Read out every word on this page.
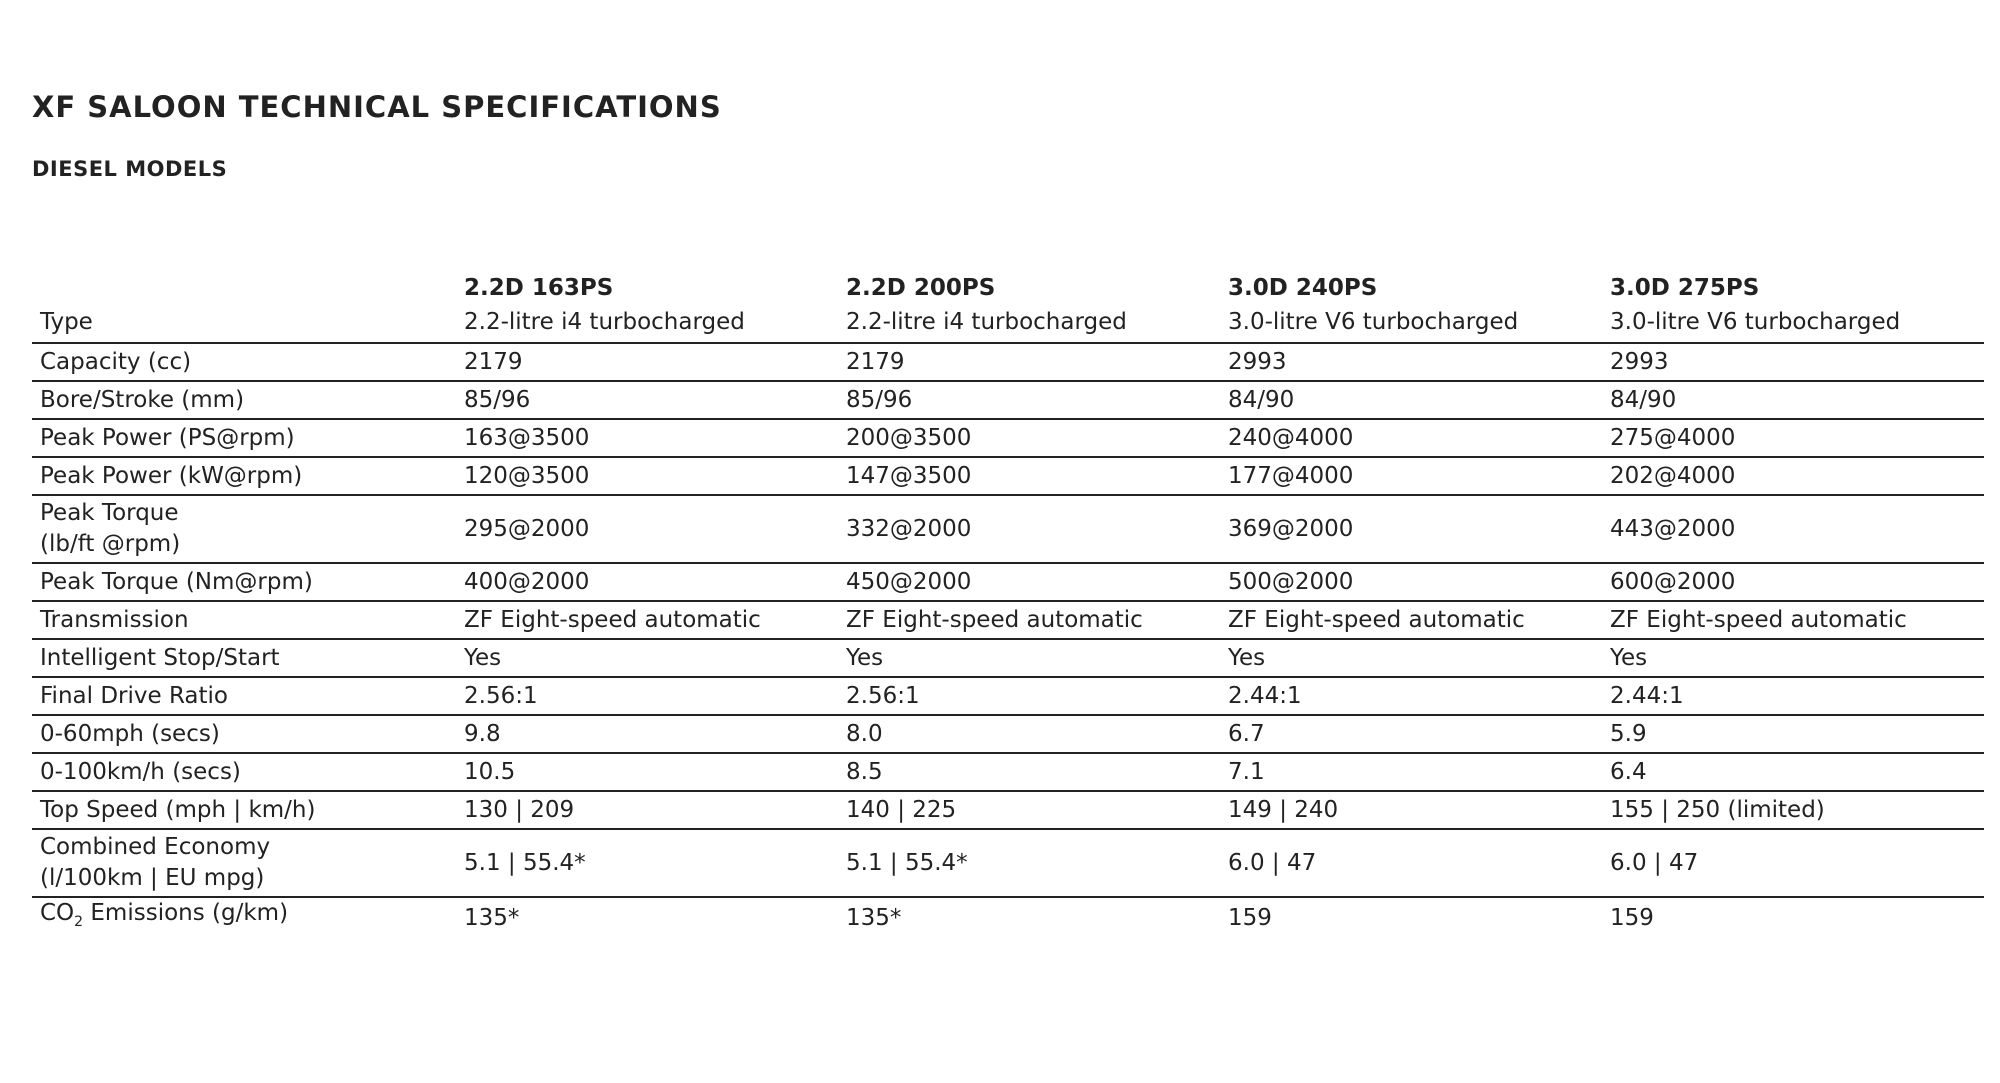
XF SALOON TECHNICAL SPECIFICATIONS
DIESEL MODELS
	2.2D 163PS	2.2D 200PS	3.0D 240PS	3.0D 275PS
Type	2.2-litre i4 turbocharged	2.2-litre i4 turbocharged	3.0-litre V6 turbocharged	3.0-litre V6 turbocharged
Capacity (cc)	2179	2179	2993	2993
Bore/Stroke (mm)	85/96	85/96	84/90	84/90
Peak Power (PS@rpm)	163@3500	200@3500	240@4000	275@4000
Peak Power (kW@rpm)	120@3500	147@3500	177@4000	202@4000

Peak Torque
(lb/ft @rpm)	295@2000	332@2000	369@2000	443@2000
Peak Torque (Nm@rpm)	400@2000	450@2000	500@2000	600@2000
Transmission	ZF Eight-speed automatic	ZF Eight-speed automatic	ZF Eight-speed automatic	ZF Eight-speed automatic
Intelligent Stop/Start	Yes	Yes	Yes	Yes
Final Drive Ratio	2.56:1	2.56:1	2.44:1	2.44:1
0-60mph (secs)	9.8	8.0	6.7	5.9
0-100km/h (secs)	10.5	8.5	7.1	6.4
Top Speed (mph | km/h)	130 | 209	140 | 225	149 | 240	155 | 250 (limited)

Combined Economy
(l/100km | EU mpg)	5.1 | 55.4*	5.1 | 55.4*	6.0 | 47	6.0 | 47
$CO_2$ Emissions (g/km)	135*	135*	159	159
